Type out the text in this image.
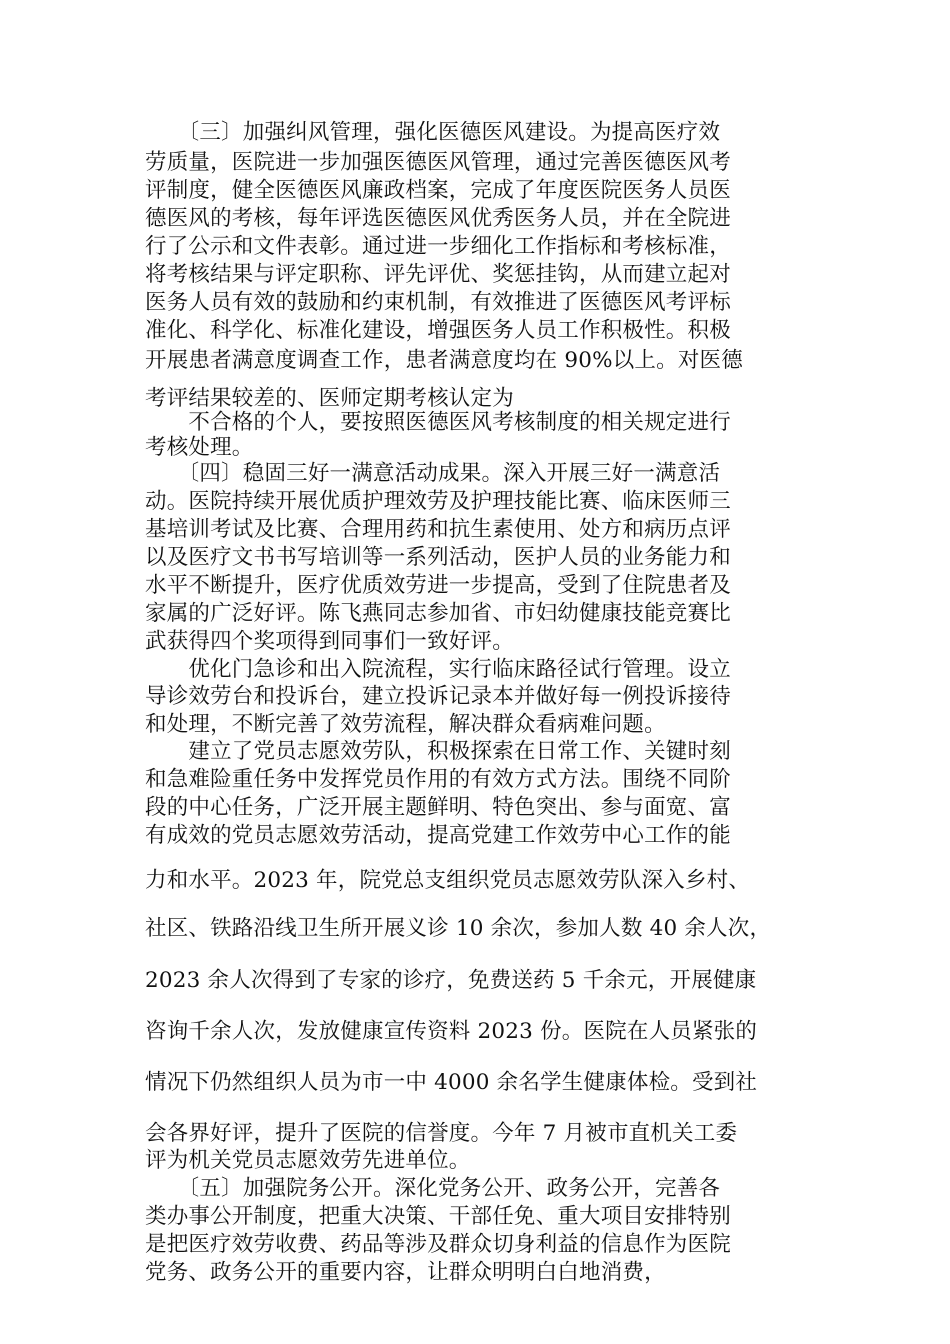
　　〔三〕加强纠风管理，强化医德医风建设。为提高医疗效

劳质量，医院进一步加强医德医风管理，通过完善医德医风考

评制度，健全医德医风廉政档案，完成了年度医院医务人员医

德医风的考核，每年评选医德医风优秀医务人员，并在全院进

行了公示和文件表彰。通过进一步细化工作指标和考核标准，

将考核结果与评定职称、评先评优、奖惩挂钩，从而建立起对

医务人员有效的鼓励和约束机制，有效推进了医德医风考评标

准化、科学化、标准化建设，增强医务人员工作积极性。积极

开展患者满意度调查工作，患者满意度均在 90%以上。对医德

考评结果较差的、医师定期考核认定为

　　不合格的个人，要按照医德医风考核制度的相关规定进行

考核处理。

　　〔四〕稳固三好一满意活动成果。深入开展三好一满意活

动。医院持续开展优质护理效劳及护理技能比赛、临床医师三

基培训考试及比赛、合理用药和抗生素使用、处方和病历点评

以及医疗文书书写培训等一系列活动，医护人员的业务能力和

水平不断提升，医疗优质效劳进一步提高，受到了住院患者及

家属的广泛好评。陈飞燕同志参加省、市妇幼健康技能竞赛比

武获得四个奖项得到同事们一致好评。

　　优化门急诊和出入院流程，实行临床路径试行管理。设立

导诊效劳台和投诉台，建立投诉记录本并做好每一例投诉接待

和处理，不断完善了效劳流程，解决群众看病难问题。

　　建立了党员志愿效劳队，积极探索在日常工作、关键时刻

和急难险重任务中发挥党员作用的有效方式方法。围绕不同阶

段的中心任务，广泛开展主题鲜明、特色突出、参与面宽、富

有成效的党员志愿效劳活动，提高党建工作效劳中心工作的能

力和水平。2023 年，院党总支组织党员志愿效劳队深入乡村、

社区、铁路沿线卫生所开展义诊 10 余次，参加人数 40 余人次，

2023 余人次得到了专家的诊疗，免费送药 5 千余元，开展健康

咨询千余人次，发放健康宣传资料 2023 份。医院在人员紧张的

情况下仍然组织人员为市一中 4000 余名学生健康体检。受到社

会各界好评，提升了医院的信誉度。今年 7 月被市直机关工委

评为机关党员志愿效劳先进单位。

　　〔五〕加强院务公开。深化党务公开、政务公开，完善各

类办事公开制度，把重大决策、干部任免、重大项目安排特别

是把医疗效劳收费、药品等涉及群众切身利益的信息作为医院

党务、政务公开的重要内容，让群众明明白白地消费，
